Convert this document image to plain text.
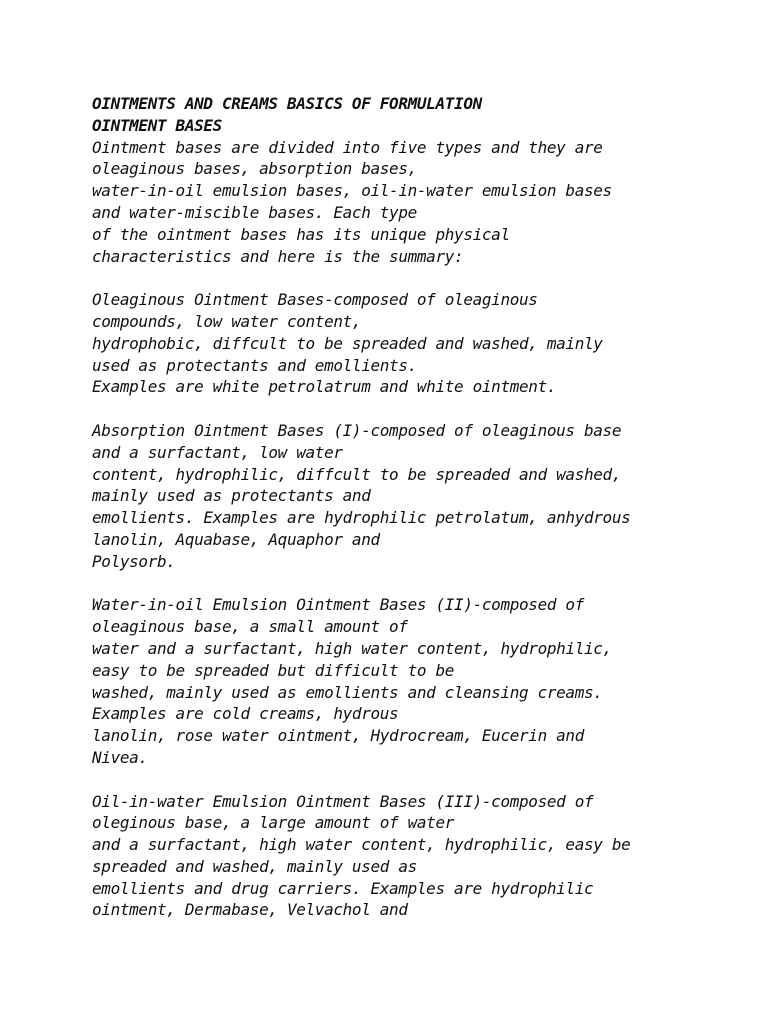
OINTMENTS AND CREAMS BASICS OF FORMULATION
OINTMENT BASES
Ointment bases are divided into five types and they are
oleaginous bases, absorption bases,
water-in-oil emulsion bases, oil-in-water emulsion bases
and water-miscible bases. Each type
of the ointment bases has its unique physical
characteristics and here is the summary:
Oleaginous Ointment Bases-composed of oleaginous
compounds, low water content,
hydrophobic, diffcult to be spreaded and washed, mainly
used as protectants and emollients.
Examples are white petrolatrum and white ointment.
Absorption Ointment Bases (I)-composed of oleaginous base
and a surfactant, low water
content, hydrophilic, diffcult to be spreaded and washed,
mainly used as protectants and
emollients. Examples are hydrophilic petrolatum, anhydrous
lanolin, Aquabase, Aquaphor and
Polysorb.
Water-in-oil Emulsion Ointment Bases (II)-composed of
oleaginous base, a small amount of
water and a surfactant, high water content, hydrophilic,
easy to be spreaded but difficult to be
washed, mainly used as emollients and cleansing creams.
Examples are cold creams, hydrous
lanolin, rose water ointment, Hydrocream, Eucerin and
Nivea.
Oil-in-water Emulsion Ointment Bases (III)-composed of
oleginous base, a large amount of water
and a surfactant, high water content, hydrophilic, easy be
spreaded and washed, mainly used as
emollients and drug carriers. Examples are hydrophilic
ointment, Dermabase, Velvachol and
